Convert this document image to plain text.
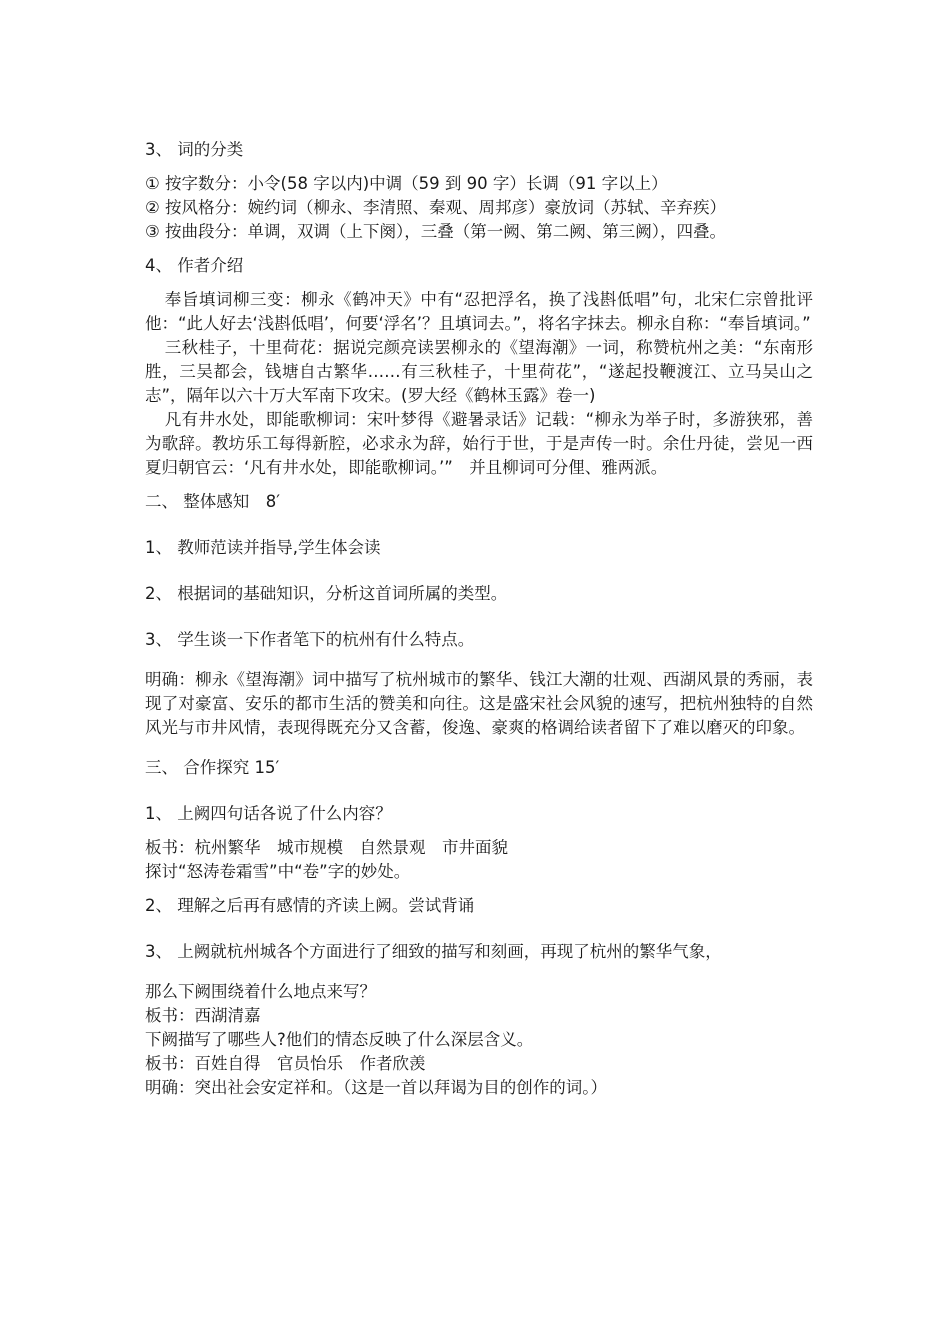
3、 词的分类

① 按字数分：小令(58 字以内)中调（59 到 90 字）长调（91 字以上）

② 按风格分：婉约词（柳永、李清照、秦观、周邦彦）豪放词（苏轼、辛弃疾）

③ 按曲段分：单调，双调（上下阕），三叠（第一阙、第二阙、第三阙），四叠。

4、 作者介绍

奉旨填词柳三变：柳永《鹤冲天》中有“忍把浮名，换了浅斟低唱”句，北宋仁宗曾批评他：“此人好去‘浅斟低唱’，何要‘浮名’？且填词去。”，将名字抹去。柳永自称：“奉旨填词。”

三秋桂子，十里荷花：据说完颜亮读罢柳永的《望海潮》一词，称赞杭州之美：“东南形胜，三吴都会，钱塘自古繁华……有三秋桂子，十里荷花”，“遂起投鞭渡江、立马吴山之志”，隔年以六十万大军南下攻宋。(罗大经《鹤林玉露》卷一)

凡有井水处，即能歌柳词：宋叶梦得《避暑录话》记载：“柳永为举子时，多游狭邪，善为歌辞。教坊乐工每得新腔，必求永为辞，始行于世，于是声传一时。余仕丹徒，尝见一西夏归朝官云：‘凡有井水处，即能歌柳词。’”　并且柳词可分俚、雅两派。

二、 整体感知　8′

1、 教师范读并指导,学生体会读

2、 根据词的基础知识，分析这首词所属的类型。

3、 学生谈一下作者笔下的杭州有什么特点。

明确：柳永《望海潮》词中描写了杭州城市的繁华、钱江大潮的壮观、西湖风景的秀丽，表现了对豪富、安乐的都市生活的赞美和向往。这是盛宋社会风貌的速写，把杭州独特的自然风光与市井风情，表现得既充分又含蓄，俊逸、豪爽的格调给读者留下了难以磨灭的印象。

三、 合作探究 15′

1、 上阙四句话各说了什么内容？

板书：杭州繁华　城市规模　自然景观　市井面貌

探讨“怒涛卷霜雪”中“卷”字的妙处。

2、 理解之后再有感情的齐读上阙。尝试背诵

3、 上阙就杭州城各个方面进行了细致的描写和刻画，再现了杭州的繁华气象，

那么下阙围绕着什么地点来写？

板书：西湖清嘉

下阙描写了哪些人?他们的情态反映了什么深层含义。

板书：百姓自得　官员怡乐　作者欣羡

明确：突出社会安定祥和。（这是一首以拜谒为目的创作的词。）
